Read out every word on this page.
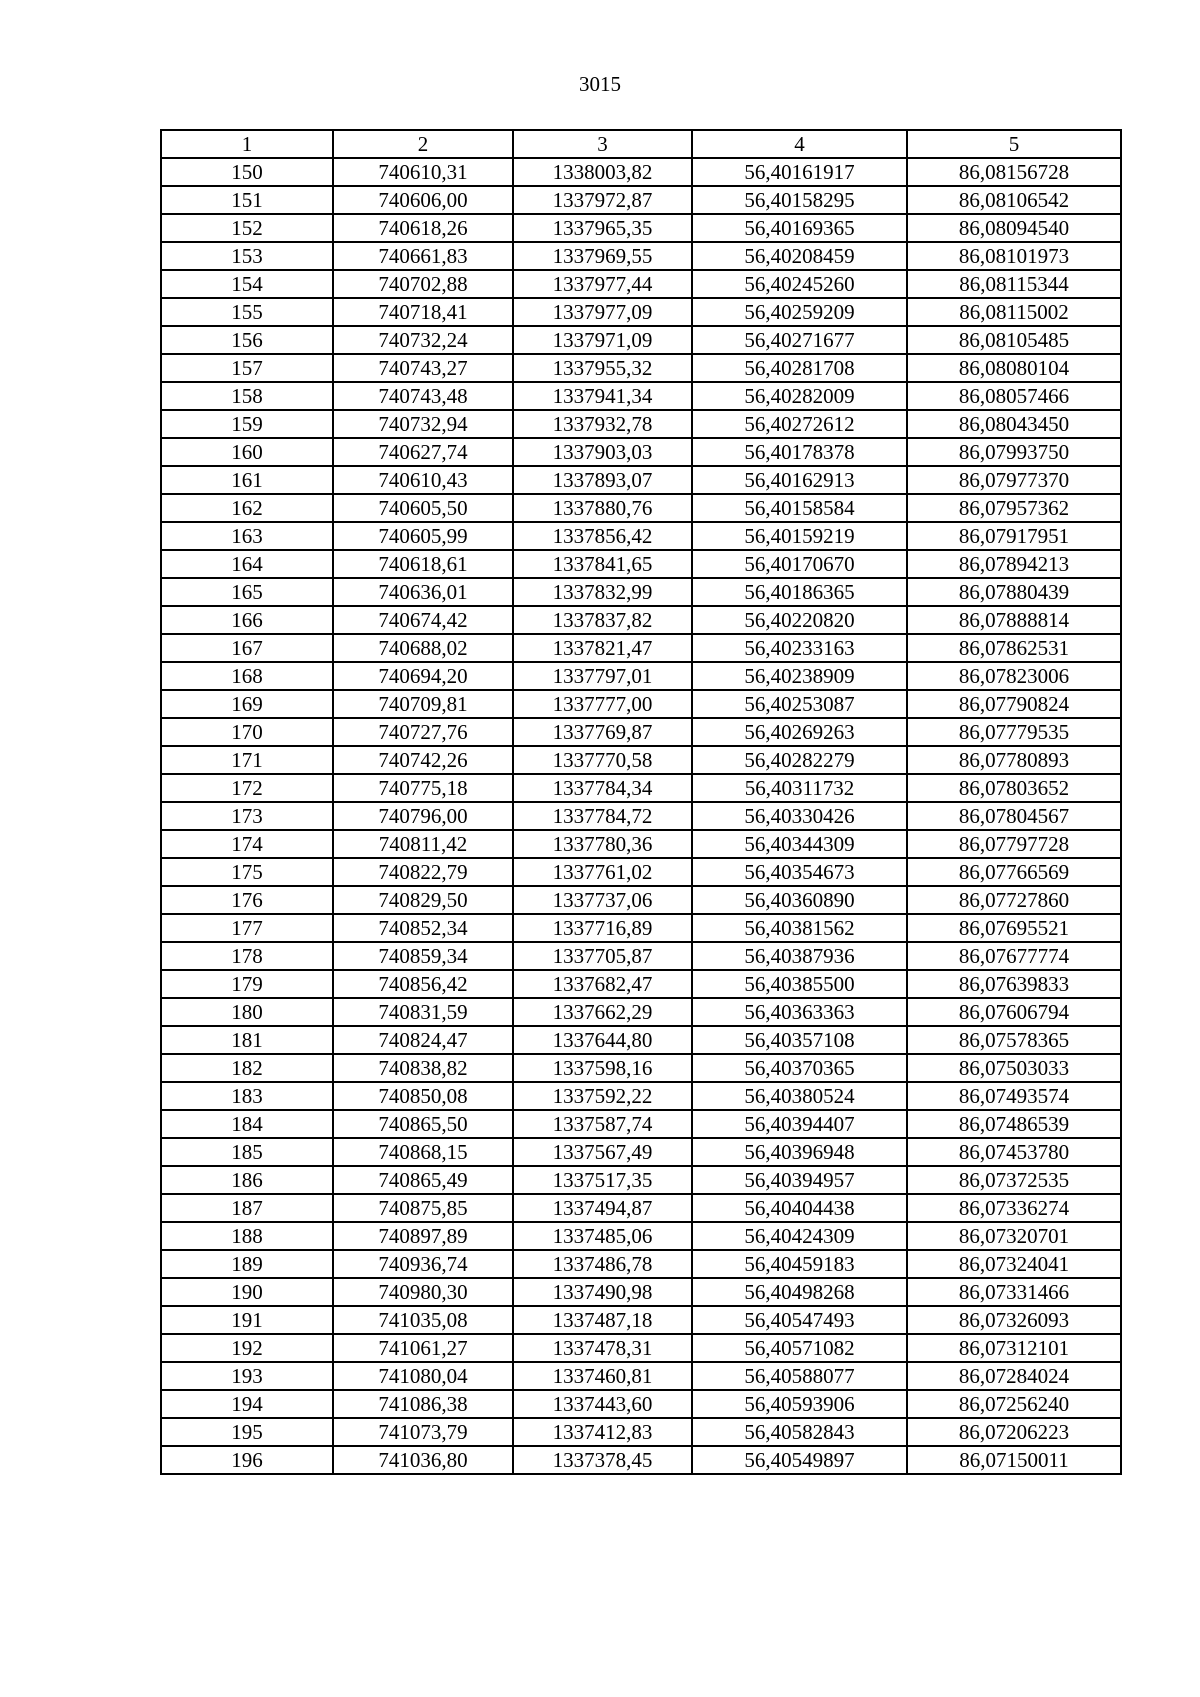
3015
1	2	3	4	5
150	740610,31	1338003,82	56,40161917	86,08156728
151	740606,00	1337972,87	56,40158295	86,08106542
152	740618,26	1337965,35	56,40169365	86,08094540
153	740661,83	1337969,55	56,40208459	86,08101973
154	740702,88	1337977,44	56,40245260	86,08115344
155	740718,41	1337977,09	56,40259209	86,08115002
156	740732,24	1337971,09	56,40271677	86,08105485
157	740743,27	1337955,32	56,40281708	86,08080104
158	740743,48	1337941,34	56,40282009	86,08057466
159	740732,94	1337932,78	56,40272612	86,08043450
160	740627,74	1337903,03	56,40178378	86,07993750
161	740610,43	1337893,07	56,40162913	86,07977370
162	740605,50	1337880,76	56,40158584	86,07957362
163	740605,99	1337856,42	56,40159219	86,07917951
164	740618,61	1337841,65	56,40170670	86,07894213
165	740636,01	1337832,99	56,40186365	86,07880439
166	740674,42	1337837,82	56,40220820	86,07888814
167	740688,02	1337821,47	56,40233163	86,07862531
168	740694,20	1337797,01	56,40238909	86,07823006
169	740709,81	1337777,00	56,40253087	86,07790824
170	740727,76	1337769,87	56,40269263	86,07779535
171	740742,26	1337770,58	56,40282279	86,07780893
172	740775,18	1337784,34	56,40311732	86,07803652
173	740796,00	1337784,72	56,40330426	86,07804567
174	740811,42	1337780,36	56,40344309	86,07797728
175	740822,79	1337761,02	56,40354673	86,07766569
176	740829,50	1337737,06	56,40360890	86,07727860
177	740852,34	1337716,89	56,40381562	86,07695521
178	740859,34	1337705,87	56,40387936	86,07677774
179	740856,42	1337682,47	56,40385500	86,07639833
180	740831,59	1337662,29	56,40363363	86,07606794
181	740824,47	1337644,80	56,40357108	86,07578365
182	740838,82	1337598,16	56,40370365	86,07503033
183	740850,08	1337592,22	56,40380524	86,07493574
184	740865,50	1337587,74	56,40394407	86,07486539
185	740868,15	1337567,49	56,40396948	86,07453780
186	740865,49	1337517,35	56,40394957	86,07372535
187	740875,85	1337494,87	56,40404438	86,07336274
188	740897,89	1337485,06	56,40424309	86,07320701
189	740936,74	1337486,78	56,40459183	86,07324041
190	740980,30	1337490,98	56,40498268	86,07331466
191	741035,08	1337487,18	56,40547493	86,07326093
192	741061,27	1337478,31	56,40571082	86,07312101
193	741080,04	1337460,81	56,40588077	86,07284024
194	741086,38	1337443,60	56,40593906	86,07256240
195	741073,79	1337412,83	56,40582843	86,07206223
196	741036,80	1337378,45	56,40549897	86,07150011
